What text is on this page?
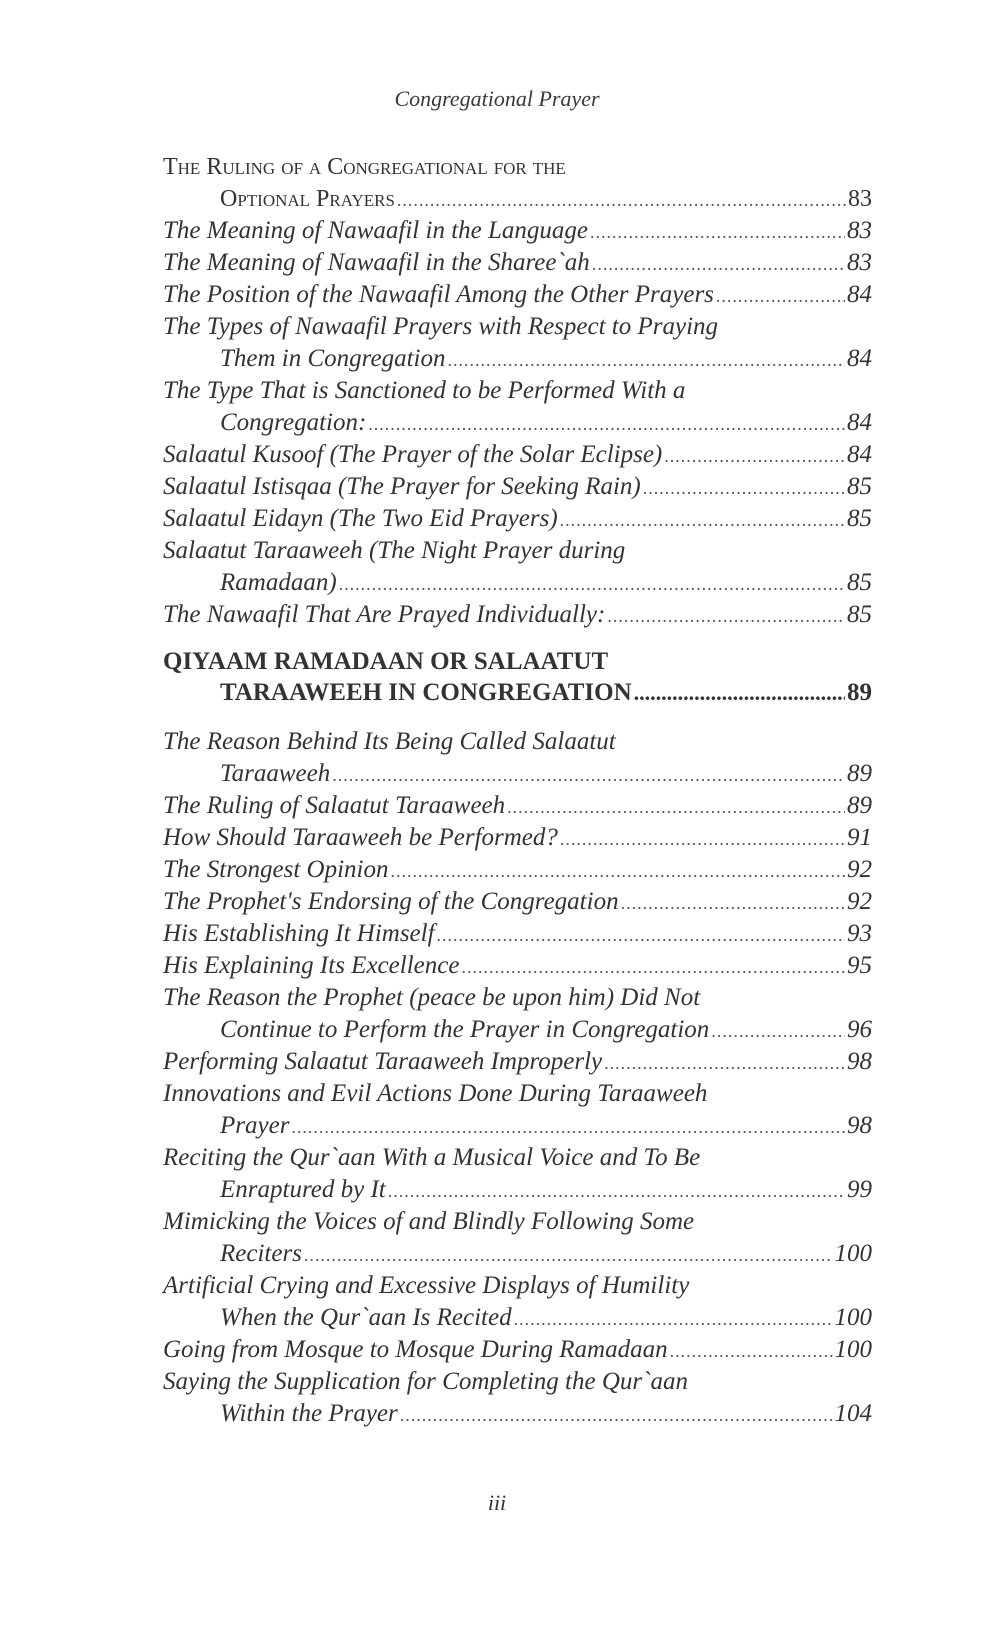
Congregational Prayer
The Ruling of a Congregational for the
Optional Prayers .....	83
The Meaning of Nawaafil in the Language .....	83
The Meaning of Nawaafil in the Sharee`ah .....	83
The Position of the Nawaafil Among the Other Prayers .....	84
The Types of Nawaafil Prayers with Respect to Praying
Them in Congregation .....	84
The Type That is Sanctioned to be Performed With a
Congregation: .....	84
Salaatul Kusoof (The Prayer of the Solar Eclipse) .....	84
Salaatul Istisqaa (The Prayer for Seeking Rain) .....	85
Salaatul Eidayn (The Two Eid Prayers) .....	85
Salaatut Taraaweeh (The Night Prayer during
Ramadaan) .....	85
The Nawaafil That Are Prayed Individually: .....	85
QIYAAM RAMADAAN OR SALAATUT
TARAAWEEH IN CONGREGATION .....	89
The Reason Behind Its Being Called Salaatut
Taraaweeh .....	89
The Ruling of Salaatut Taraaweeh .....	89
How Should Taraaweeh be Performed? .....	91
The Strongest Opinion .....	92
The Prophet's Endorsing of the Congregation .....	92
His Establishing It Himself .....	93
His Explaining Its Excellence .....	95
The Reason the Prophet (peace be upon him) Did Not
Continue to Perform the Prayer in Congregation .....	96
Performing Salaatut Taraaweeh Improperly .....	98
Innovations and Evil Actions Done During Taraaweeh
Prayer .....	98
Reciting the Qur`aan With a Musical Voice and To Be
Enraptured by It .....	99
Mimicking the Voices of and Blindly Following Some
Reciters .....	100
Artificial Crying and Excessive Displays of Humility
When the Qur`aan Is Recited .....	100
Going from Mosque to Mosque During Ramadaan .....	100
Saying the Supplication for Completing the Qur`aan
Within the Prayer .....	104
iii
